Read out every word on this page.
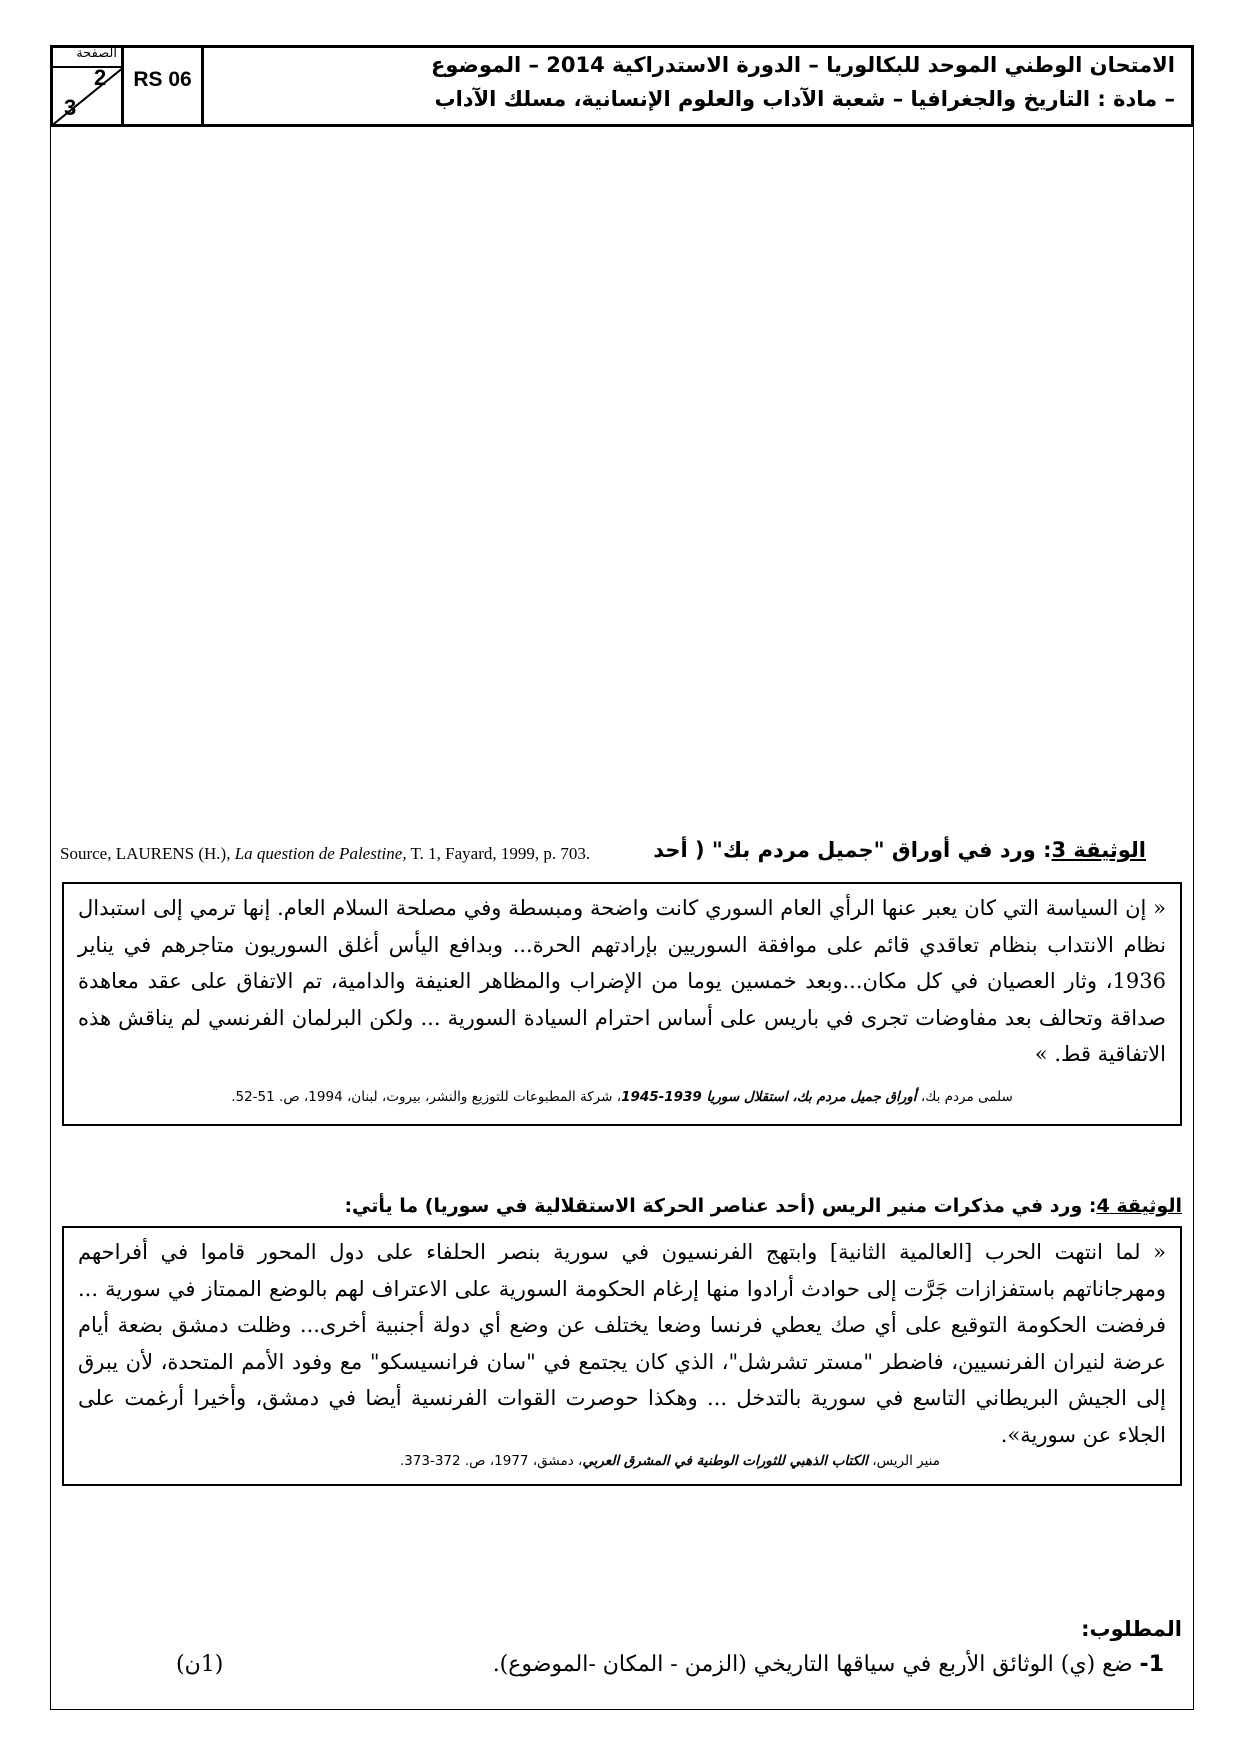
الصفحة
2
3
RS 06
الامتحان الوطني الموحد للبكالوريا – الدورة الاستدراكية 2014 – الموضوع
– مادة : التاريخ والجغرافيا – شعبة الآداب والعلوم الإنسانية، مسلك الآداب
Source, LAURENS (H.), La question de Palestine, T. 1, Fayard, 1999, p. 703.	الوثيقة 3: ورد في أوراق "جميل مردم بك" ( أحد
« إن السياسة التي كان يعبر عنها الرأي العام السوري كانت واضحة ومبسطة وفي مصلحة السلام العام. إنها ترمي إلى استبدال نظام الانتداب بنظام تعاقدي قائم على موافقة السوريين بإرادتهم الحرة... وبدافع اليأس أغلق السوريون متاجرهم في يناير 1936، وثار العصيان في كل مكان...وبعد خمسين يوما من الإضراب والمظاهر العنيفة والدامية، تم الاتفاق على عقد معاهدة صداقة وتحالف بعد مفاوضات تجرى في باريس على أساس احترام السيادة السورية ... ولكن البرلمان الفرنسي لم يناقش هذه الاتفاقية قط. »
سلمى مردم بك، أوراق جميل مردم بك، استقلال سوريا 1939-1945، شركة المطبوعات للتوزيع والنشر، بيروت، لبنان، 1994، ص. 51-52.
الوثيقة 4: ورد في مذكرات منير الريس (أحد عناصر الحركة الاستقلالية في سوريا) ما يأتي:
« لما انتهت الحرب [العالمية الثانية] وابتهج الفرنسيون في سورية بنصر الحلفاء على دول المحور قاموا في أفراحهم ومهرجاناتهم باستفزازات جَرَّت إلى حوادث أرادوا منها إرغام الحكومة السورية على الاعتراف لهم بالوضع الممتاز في سورية ... فرفضت الحكومة التوقيع على أي صك يعطي فرنسا وضعا يختلف عن وضع أي دولة أجنبية أخرى... وظلت دمشق بضعة أيام عرضة لنيران الفرنسيين، فاضطر "مستر تشرشل"، الذي كان يجتمع في "سان فرانسيسكو" مع وفود الأمم المتحدة، لأن يبرق إلى الجيش البريطاني التاسع في سورية بالتدخل ... وهكذا حوصرت القوات الفرنسية أيضا في دمشق، وأخيرا أرغمت على الجلاء عن سورية».
منير الريس، الكتاب الذهبي للثورات الوطنية في المشرق العربي، دمشق، 1977، ص. 372-373.
المطلوب:
1- ضع (ي) الوثائق الأربع في سياقها التاريخي (الزمن - المكان -الموضوع).
(1ن)
